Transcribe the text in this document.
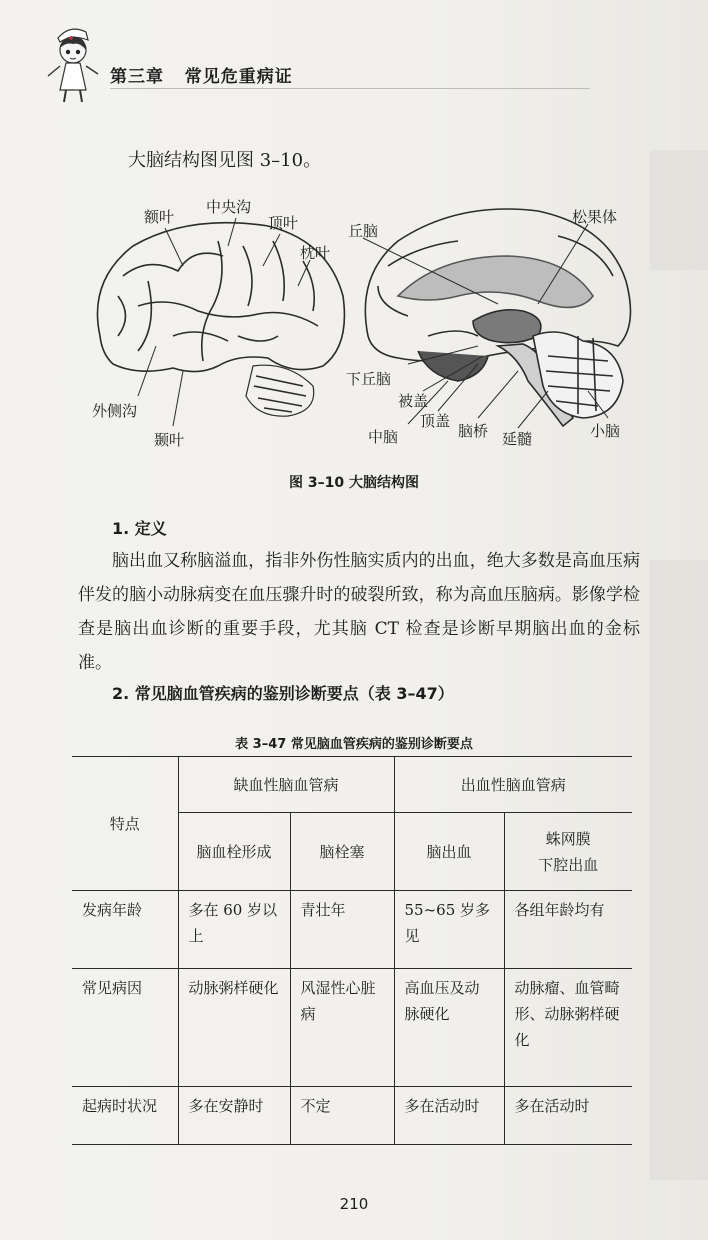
第三章   常见危重病证
大脑结构图见图 3–10。
额叶
中央沟
顶叶
枕叶
外侧沟
颞叶
丘脑
松果体
下丘脑
被盖
顶盖
中脑	脑桥 延髓	小脑
图 3–10 大脑结构图
1. 定义
脑出血又称脑溢血，指非外伤性脑实质内的出血，绝大多数是高血压病伴发的脑小动脉病变在血压骤升时的破裂所致，称为高血压脑病。影像学检查是脑出血诊断的重要手段，尤其脑 CT 检查是诊断早期脑出血的金标准。
2. 常见脑血管疾病的鉴别诊断要点（表 3–47）
表 3–47 常见脑血管疾病的鉴别诊断要点
特点	缺血性脑血管病		出血性脑血管病	
	脑血栓形成	脑栓塞	脑出血	蛛网膜
下腔出血
发病年龄	多在 60 岁以上	青壮年	55~65 岁多见	各组年龄均有
常见病因	动脉粥样硬化	风湿性心脏病	高血压及动脉硬化	动脉瘤、血管畸形、动脉粥样硬化
起病时状况	多在安静时	不定	多在活动时	多在活动时
210
